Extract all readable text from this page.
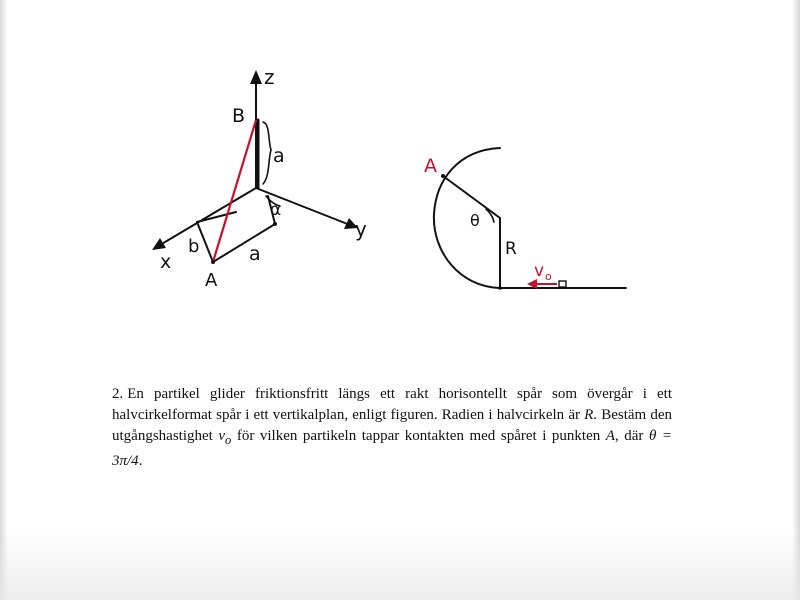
z
y
x
B
A
a
a
b
α
A
θ
R
v o
2. En partikel glider friktionsfritt längs ett rakt horisontellt spår som övergår i ett halvcirkelformat spår i ett vertikalplan, enligt figuren. Radien i halvcirkeln är R. Bestäm den utgångshastighet $v_o$ för vilken partikeln tappar kontakten med spåret i punkten A, där θ = 3π/4.
